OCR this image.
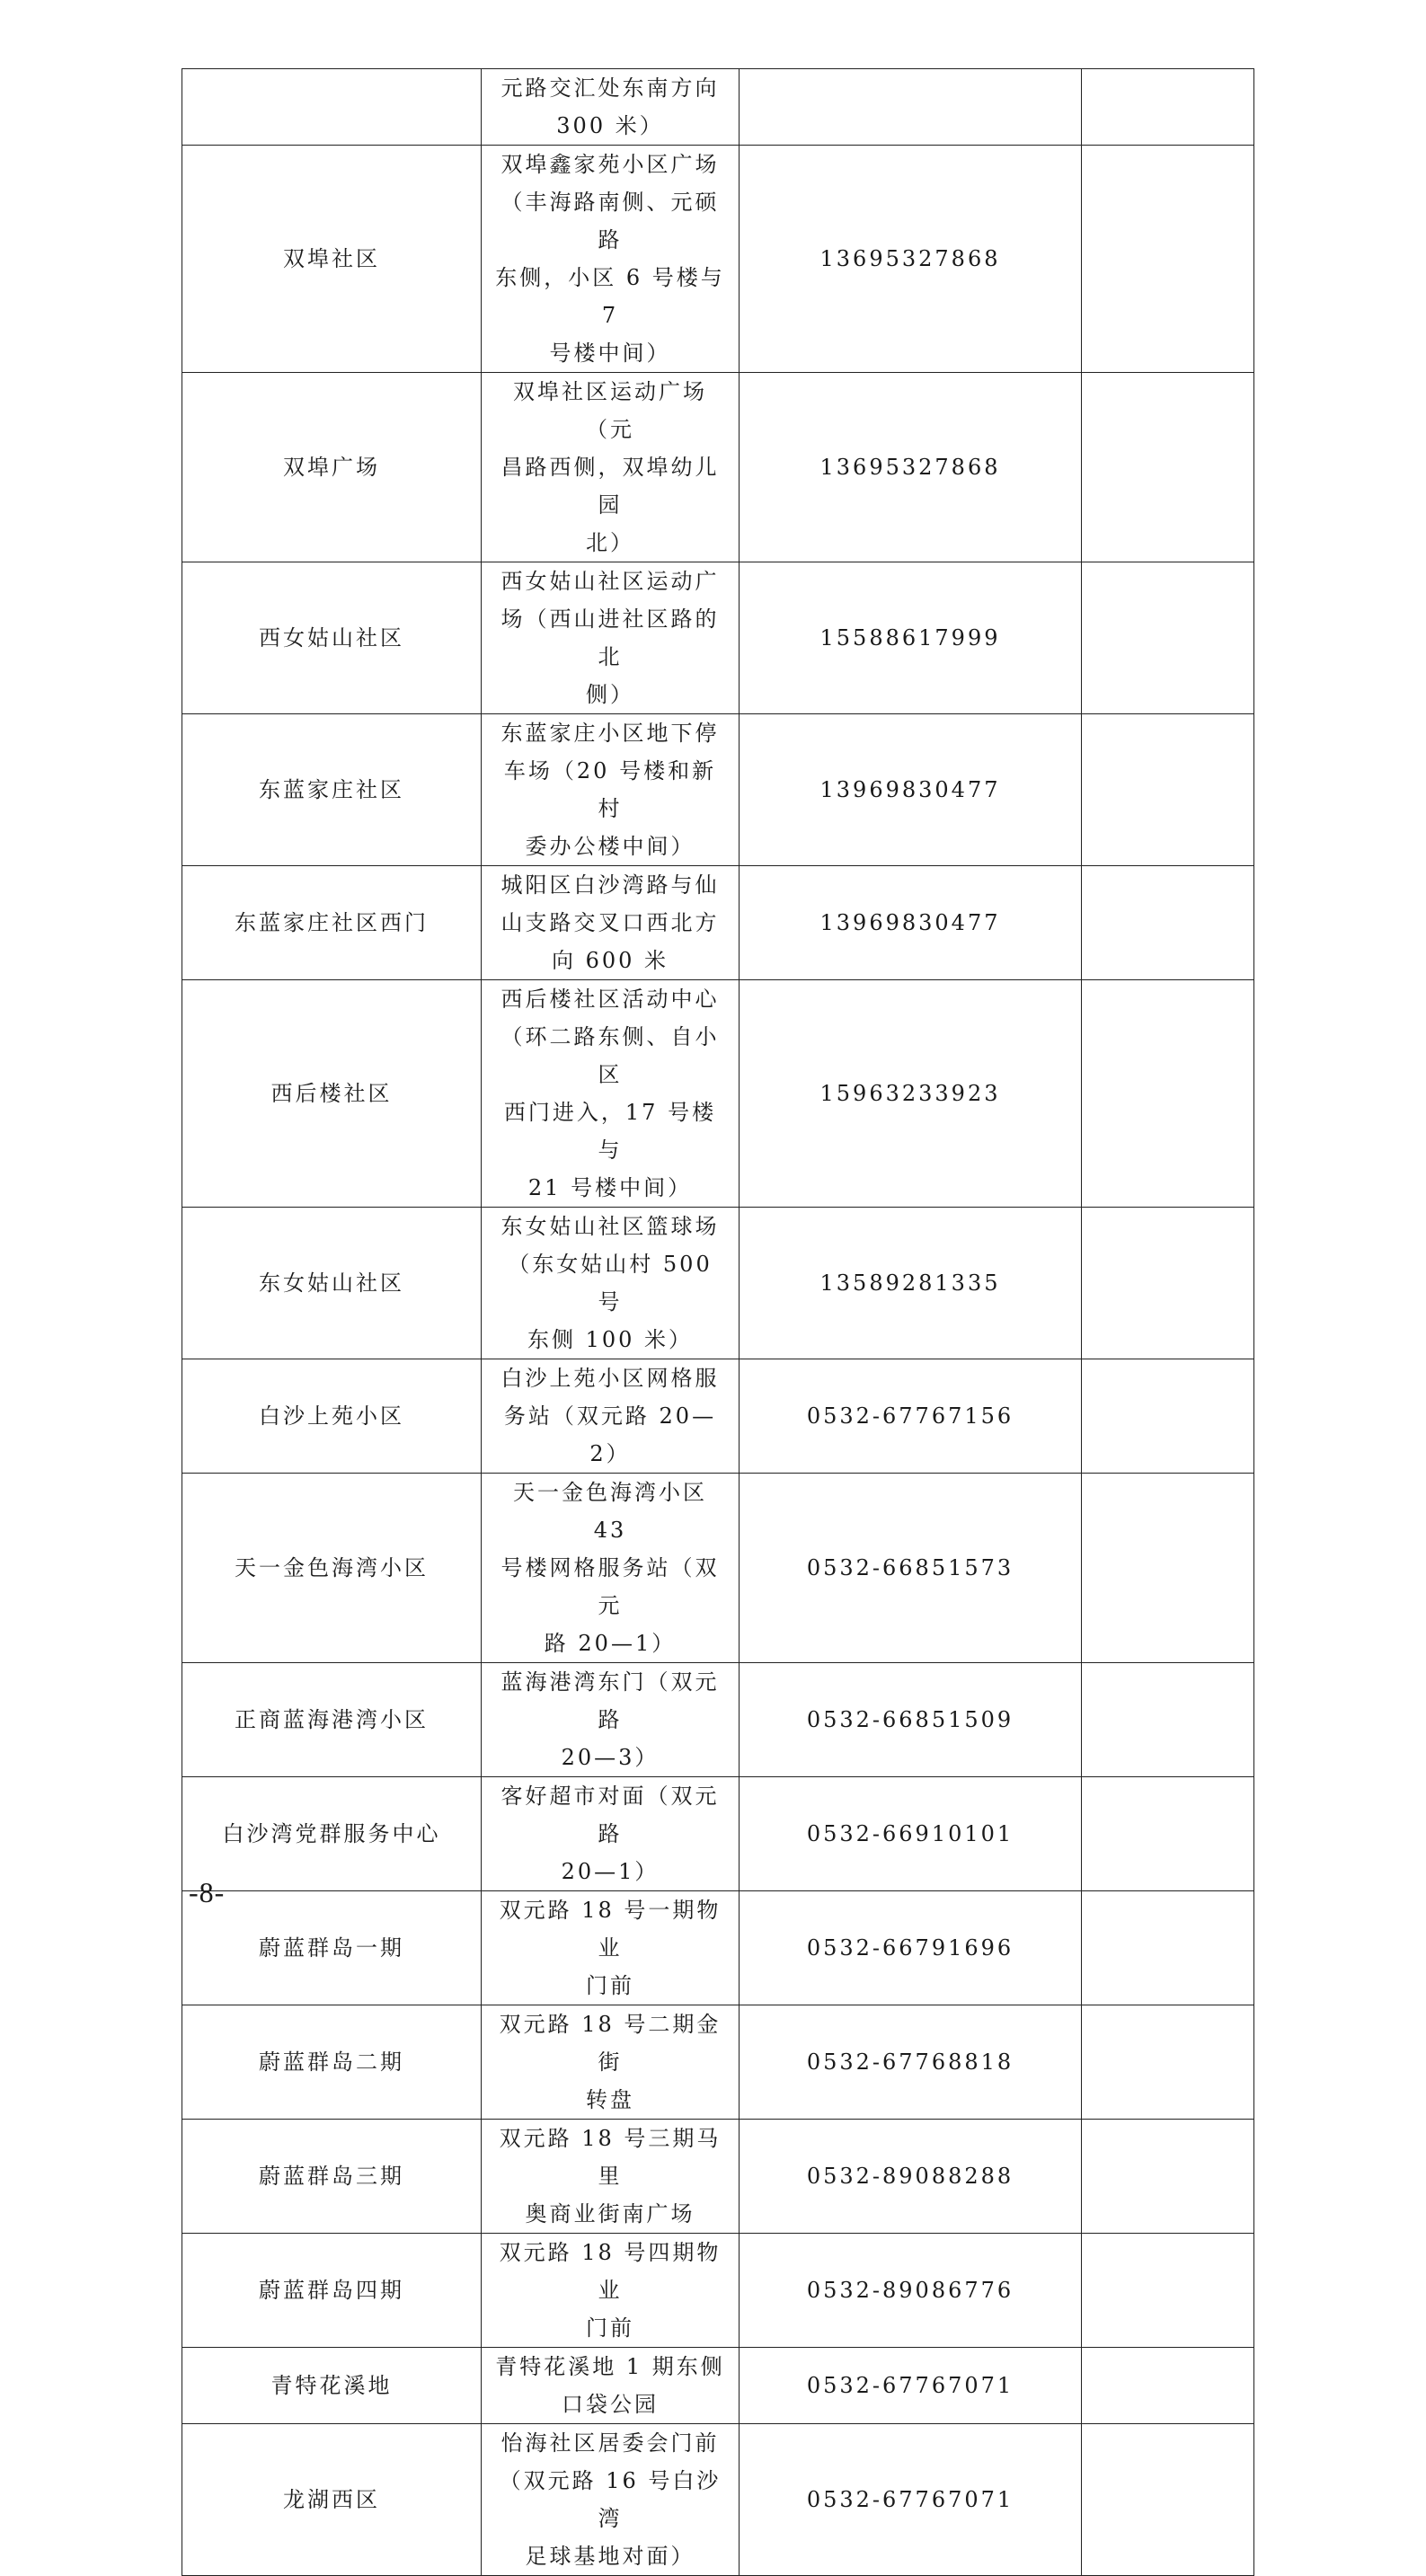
	元路交汇处东南方向
300 米）		

双埠社区	双埠鑫家苑小区广场
（丰海路南侧、元硕路
东侧，小区 6 号楼与 7
号楼中间）	13695327868	
双埠广场	双埠社区运动广场（元
昌路西侧，双埠幼儿园
北）	13695327868	
西女姑山社区	西女姑山社区运动广
场（西山进社区路的北
侧）	15588617999	
东蓝家庄社区	东蓝家庄小区地下停
车场（20 号楼和新村
委办公楼中间）	13969830477	
东蓝家庄社区西门	城阳区白沙湾路与仙
山支路交叉口西北方
向 600 米	13969830477	
西后楼社区	西后楼社区活动中心
（环二路东侧、自小区
西门进入，17 号楼与
21 号楼中间）	15963233923	
东女姑山社区	东女姑山社区篮球场
（东女姑山村 500 号
东侧 100 米）	13589281335	
白沙上苑小区	白沙上苑小区网格服
务站（双元路 20—2）	0532-67767156	
天一金色海湾小区	天一金色海湾小区 43
号楼网格服务站（双元
路 20—1）	0532-66851573	
正商蓝海港湾小区	蓝海港湾东门（双元路
20—3）	0532-66851509	
白沙湾党群服务中心	客好超市对面（双元路
20—1）	0532-66910101	
蔚蓝群岛一期	双元路 18 号一期物业
门前	0532-66791696	
蔚蓝群岛二期	双元路 18 号二期金街
转盘	0532-67768818	
蔚蓝群岛三期	双元路 18 号三期马里
奥商业街南广场	0532-89088288	
蔚蓝群岛四期	双元路 18 号四期物业
门前	0532-89086776	
青特花溪地	青特花溪地 1 期东侧
口袋公园	0532-67767071	
龙湖西区	怡海社区居委会门前
（双元路 16 号白沙湾
足球基地对面）	0532-67767071	
-8-
